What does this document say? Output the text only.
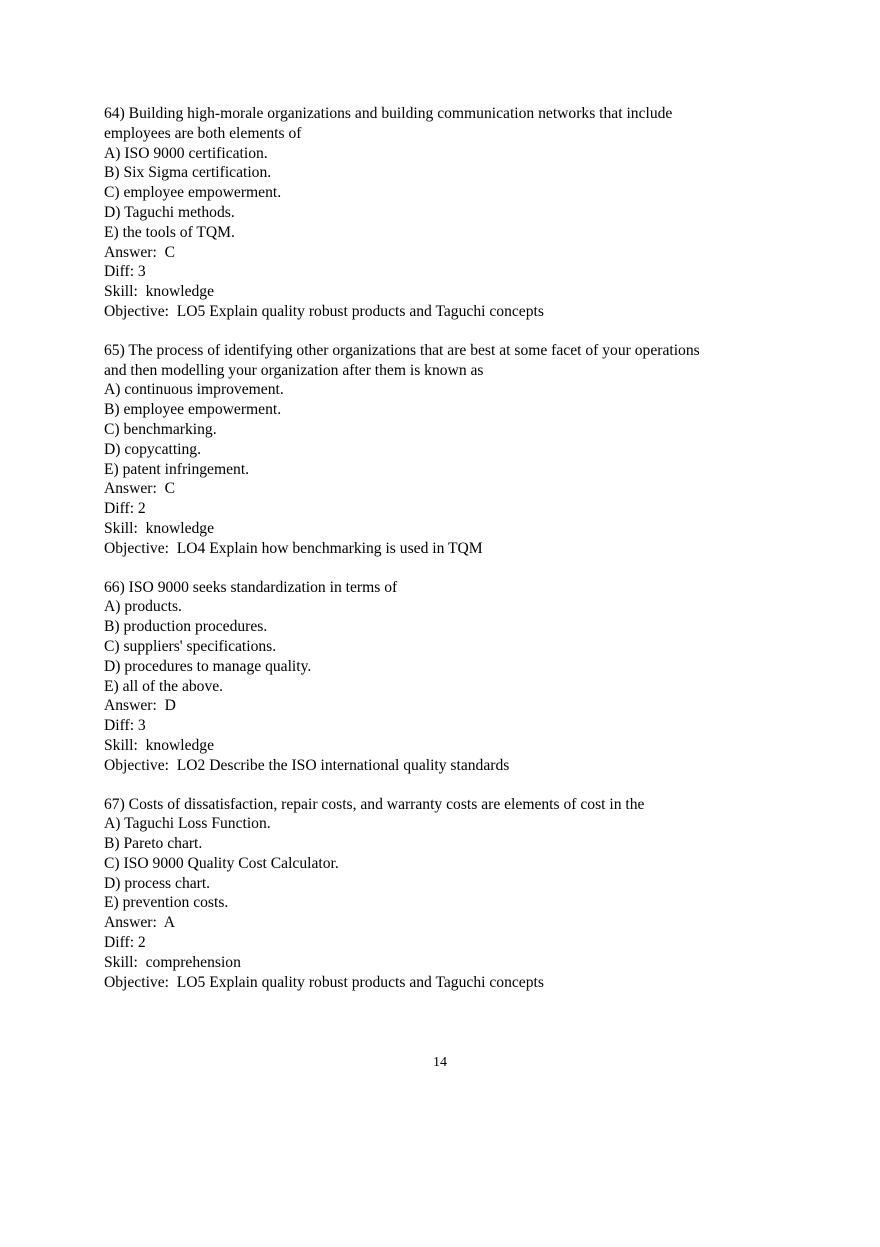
64) Building high-morale organizations and building communication networks that include
employees are both elements of
A) ISO 9000 certification.
B) Six Sigma certification.
C) employee empowerment.
D) Taguchi methods.
E) the tools of TQM.
Answer:  C
Diff: 3
Skill:  knowledge
Objective:  LO5 Explain quality robust products and Taguchi concepts
65) The process of identifying other organizations that are best at some facet of your operations
and then modelling your organization after them is known as
A) continuous improvement.
B) employee empowerment.
C) benchmarking.
D) copycatting.
E) patent infringement.
Answer:  C
Diff: 2
Skill:  knowledge
Objective:  LO4 Explain how benchmarking is used in TQM
66) ISO 9000 seeks standardization in terms of
A) products.
B) production procedures.
C) suppliers' specifications.
D) procedures to manage quality.
E) all of the above.
Answer:  D
Diff: 3
Skill:  knowledge
Objective:  LO2 Describe the ISO international quality standards
67) Costs of dissatisfaction, repair costs, and warranty costs are elements of cost in the
A) Taguchi Loss Function.
B) Pareto chart.
C) ISO 9000 Quality Cost Calculator.
D) process chart.
E) prevention costs.
Answer:  A
Diff: 2
Skill:  comprehension
Objective:  LO5 Explain quality robust products and Taguchi concepts
14
